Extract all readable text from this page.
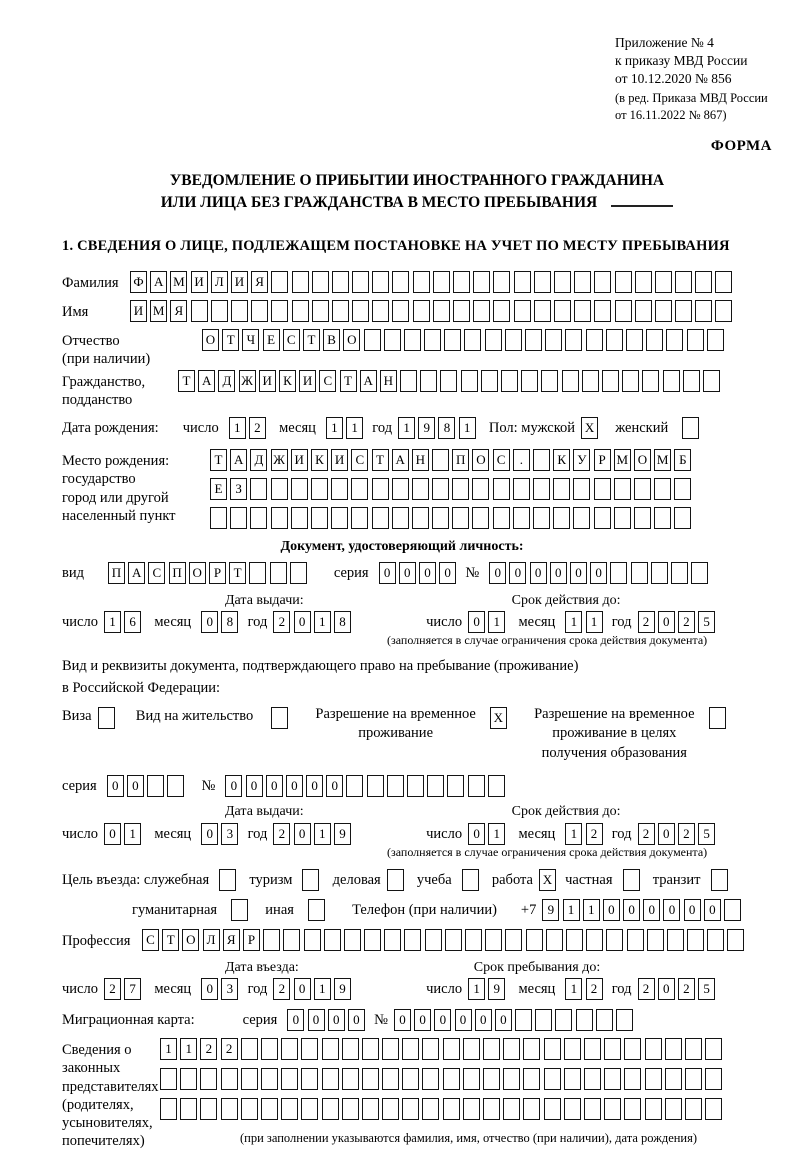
Приложение № 4
к приказу МВД России
от 10.12.2020 № 856
(в ред. Приказа МВД России
от 16.11.2022 № 867)
ФОРМА
УВЕДОМЛЕНИЕ О ПРИБЫТИИ ИНОСТРАННОГО ГРАЖДАНИНА
ИЛИ ЛИЦА БЕЗ ГРАЖДАНСТВА В МЕСТО ПРЕБЫВАНИЯ
1. СВЕДЕНИЯ О ЛИЦЕ, ПОДЛЕЖАЩЕМ ПОСТАНОВКЕ НА УЧЕТ ПО МЕСТУ ПРЕБЫВАНИЯ
Фамилия	Ф А М И Л И Я
Имя	И М Я
Отчество
(при наличии)
О Т Ч Е С Т В О
Гражданство,
подданство
Т А Д Ж И К И С Т А Н
Дата рождения: число	1	2	месяц	1	1 год 1	9	8	1	Пол: мужской X женский
Место рождения:
государство
город или другой
населенный пункт
Т А Д Ж И К И С Т А Н П О С	.	К У Р М О М Б

Е З

Документ, удостоверяющий личность:
вид	П А С П О Р Т	серия	0	0	0	0 №	0	0	0	0	0	0
Дата выдачи:	Срок действия до:
число 1	6	месяц	0	8 год 2	0	1	8	число 0	1	месяц	1	1 год 2	0	2	5
(заполняется в случае ограничения срока действия документа)
Вид и реквизиты документа, подтверждающего право на пребывание (проживание)
в Российской Федерации:
Виза	Вид на жительство	Разрешение на временное
проживание
X Разрешение на временное
проживание в целях
получения образования
серия	0	0	№	0	0	0	0	0	0
Дата выдачи:	Срок действия до:
число 0	1	месяц	0	3 год 2	0	1	9	число 0	1	месяц	1	2 год 2	0	2	5
(заполняется в случае ограничения срока действия документа)
Цель въезда: служебная	туризм	деловая учеба	работа X частная	транзит
гуманитарная	иная	Телефон (при наличии) +7 9	1	1	0	0	0	0	0	0
Профессия	С Т О Л Я Р
Дата въезда:	Срок пребывания до:
число 2	7	месяц	0	3 год 2	0	1	9	число 1	9	месяц	1	2 год 2	0	2	5
Миграционная карта:	серия	0	0	0	0 № 0	0	0	0	0	0
Сведения о
законных
представителях
(родителях,
усыновителях,
попечителях)
1	1	2	2

(при заполнении указываются фамилия, имя, отчество (при наличии), дата рождения)
